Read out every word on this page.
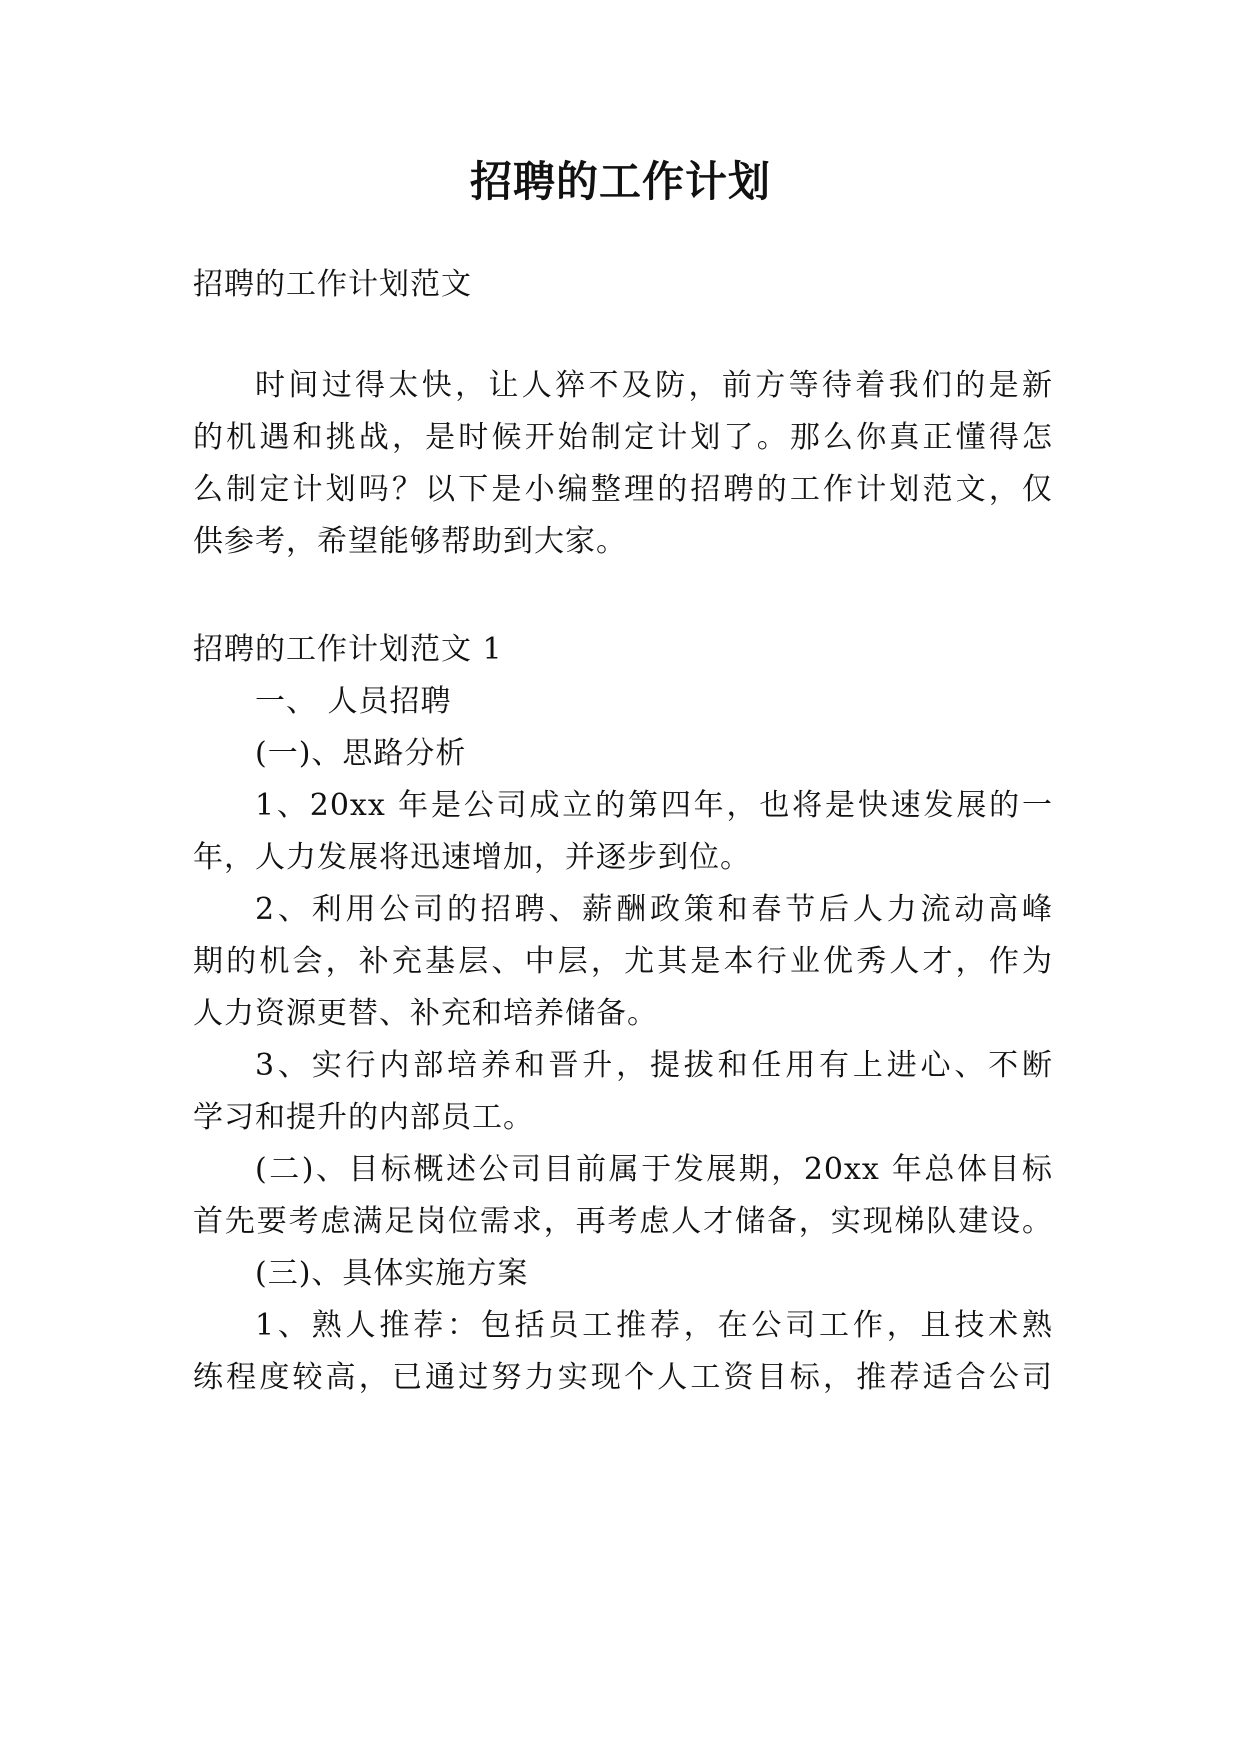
招聘的工作计划
招聘的工作计划范文
时间过得太快，让人猝不及防，前方等待着我们的是新
的机遇和挑战，是时候开始制定计划了。那么你真正懂得怎
么制定计划吗？以下是小编整理的招聘的工作计划范文，仅
供参考，希望能够帮助到大家。
招聘的工作计划范文 1
一、 人员招聘
(一)、思路分析
1、20xx 年是公司成立的第四年，也将是快速发展的一
年，人力发展将迅速增加，并逐步到位。
2、利用公司的招聘、薪酬政策和春节后人力流动高峰
期的机会，补充基层、中层，尤其是本行业优秀人才，作为
人力资源更替、补充和培养储备。
3、实行内部培养和晋升，提拔和任用有上进心、不断
学习和提升的内部员工。
(二)、目标概述公司目前属于发展期，20xx 年总体目标
首先要考虑满足岗位需求，再考虑人才储备，实现梯队建设。
(三)、具体实施方案
1、熟人推荐：包括员工推荐，在公司工作，且技术熟
练程度较高，已通过努力实现个人工资目标，推荐适合公司
